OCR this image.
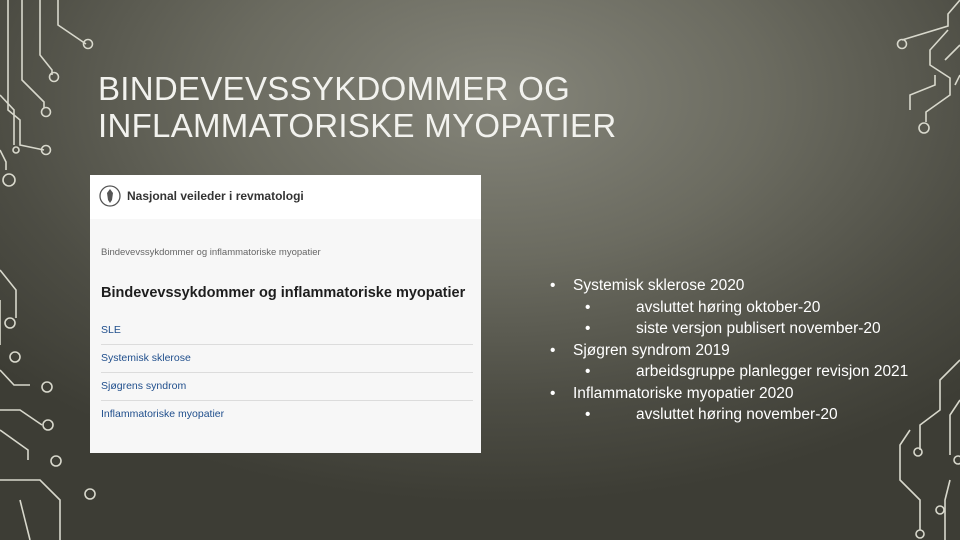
BINDEVEVSSYKDOMMER OG
INFLAMMATORISKE MYOPATIER
Nasjonal veileder i revmatologi
Bindevevssykdommer og inflammatoriske myopatier
Bindevevssykdommer og inflammatoriske myopatier
SLE
Systemisk sklerose
Sjøgrens syndrom
Inflammatoriske myopatier
• Systemisk sklerose 2020
•	avsluttet høring oktober-20
•	siste versjon publisert november-20
• Sjøgren syndrom 2019
•	arbeidsgruppe planlegger revisjon 2021
• Inflammatoriske myopatier 2020
•	avsluttet høring november-20
